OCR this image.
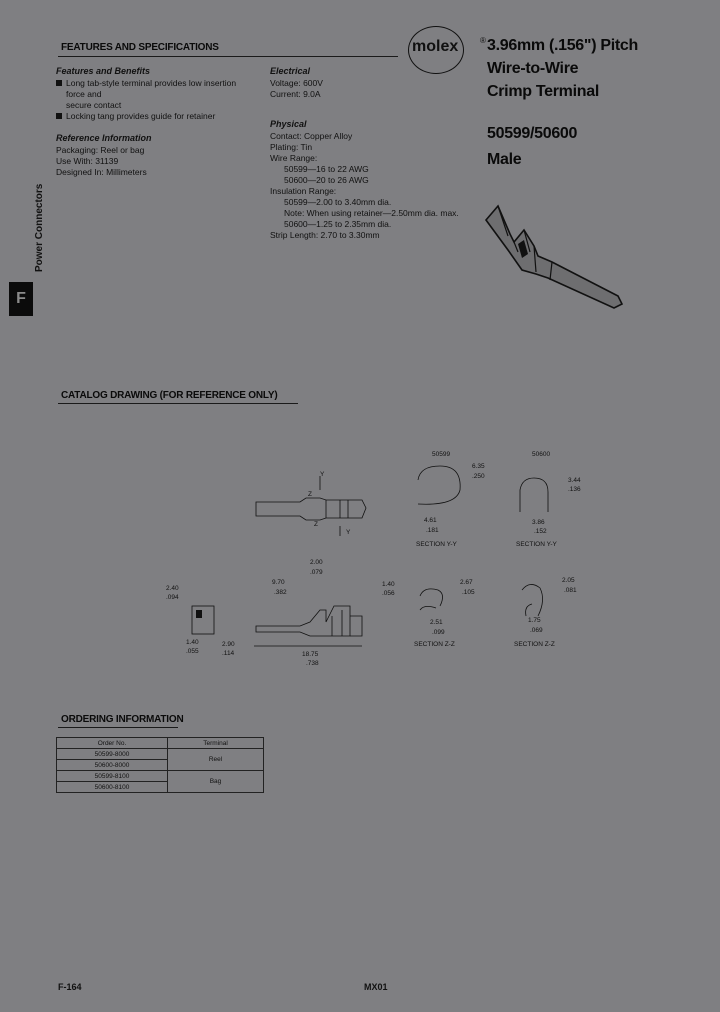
FEATURES AND SPECIFICATIONS	molex	® 3.96mm (.156") Pitch
Wire-to-Wire
Crimp Terminal
50599/50600
Male
Features and Benefits
Long tab-style terminal provides low insertion force and
secure contact
Locking tang provides guide for retainer
Reference Information
Packaging: Reel or bag
Use With: 31139
Designed In: Millimeters
Electrical
Voltage: 600V
Current: 9.0A
Physical
Contact: Copper Alloy
Plating: Tin
Wire Range:
50599—16 to 22 AWG
50600—20 to 26 AWG
Insulation Range:
50599—2.00 to 3.40mm dia.
Note: When using retainer—2.50mm dia. max.
50600—1.25 to 2.35mm dia.
Strip Length: 2.70 to 3.30mm
Power Connectors
F
CATALOG DRAWING (FOR REFERENCE ONLY)
Y
Z
Y
Z
50599
6.35
.250
4.61
.181
SECTION Y-Y
50600
3.44
.136
3.86
.152
SECTION Y-Y
2.40
.094
1.40
.055
2.90
.114
9.70
.382
2.00
.079
1.40
.056
18.75
.738
2.67
.105
2.51
.099
SECTION Z-Z
2.05
.081
1.75
.069
SECTION Z-Z
ORDERING INFORMATION
Order No.	Terminal
50599-8000	Reel
50600-8000	
50599-8100	Bag
50600-8100	
F-164	MX01
